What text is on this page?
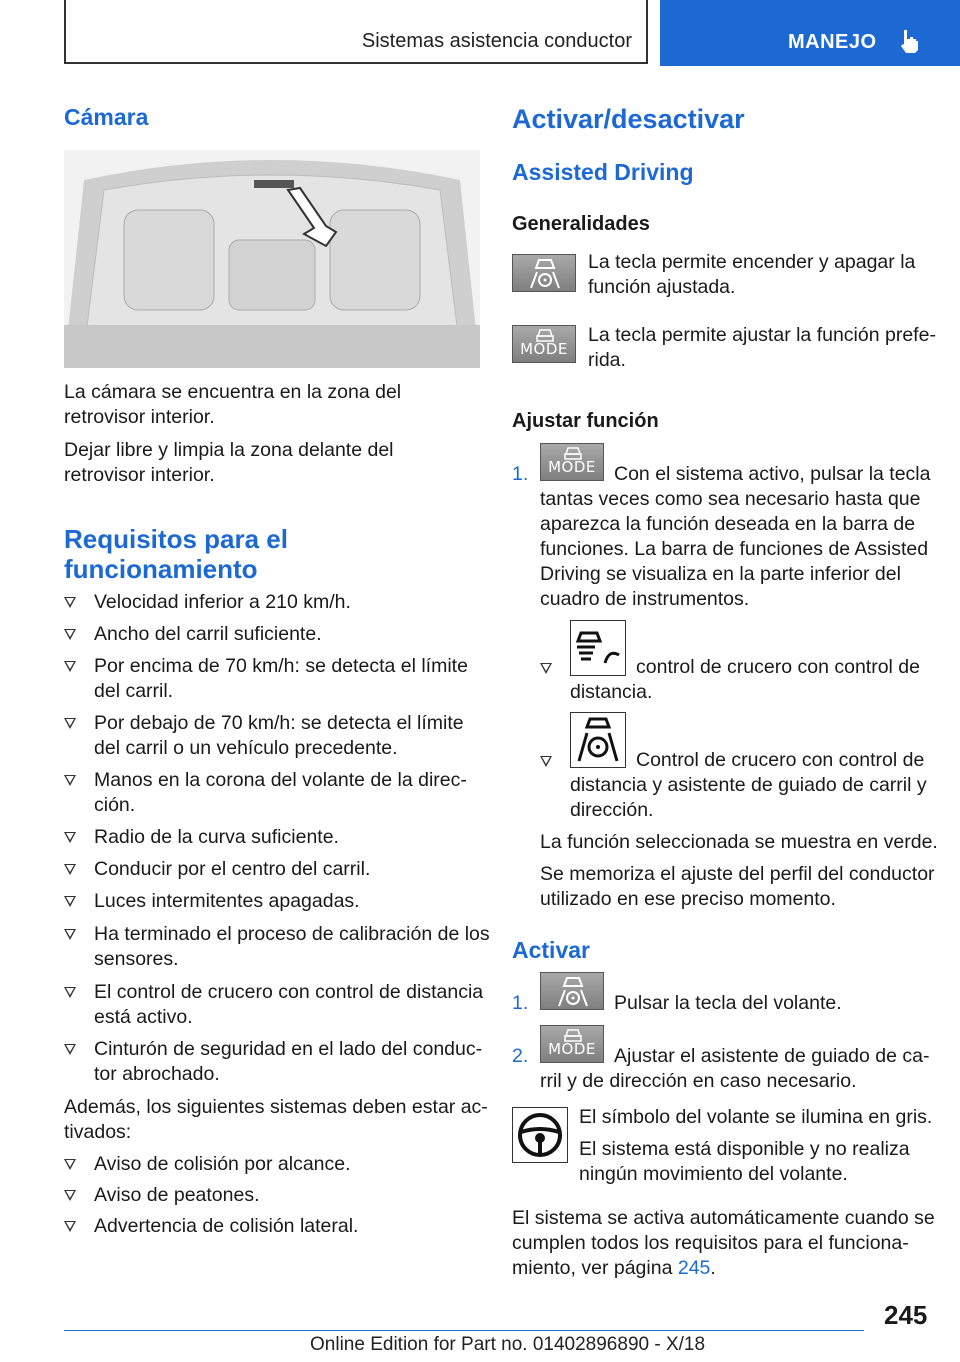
Sistemas asistencia conductor	MANEJO
Cámara
La cámara se encuentra en la zona del retrovisor interior.
Dejar libre y limpia la zona delante del retrovisor interior.
Requisitos para el
funcionamiento
Velocidad inferior a 210 km/h.
Ancho del carril suficiente.
Por encima de 70 km/h: se detecta el límite
del carril.
Por debajo de 70 km/h: se detecta el límite
del carril o un vehículo precedente.
Manos en la corona del volante de la direc‐
ción.
Radio de la curva suficiente.
Conducir por el centro del carril.
Luces intermitentes apagadas.
Ha terminado el proceso de calibración de los
sensores.
El control de crucero con control de distancia
está activo.
Cinturón de seguridad en el lado del conduc‐
tor abrochado.
Además, los siguientes sistemas deben estar ac‐
tivados:
Aviso de colisión por alcance.
Aviso de peatones.
Advertencia de colisión lateral.
Activar/desactivar
Assisted Driving
Generalidades
La tecla permite encender y apagar la
función ajustada.
MODE
La tecla permite ajustar la función prefe‐
rida.
Ajustar función
1.	MODE Con el sistema activo, pulsar la tecla
tantas veces como sea necesario hasta que
aparezca la función deseada en la barra de
funciones. La barra de funciones de Assisted
Driving se visualiza en la parte inferior del
cuadro de instrumentos.
control de crucero con control de
distancia.
Control de crucero con control de
distancia y asistente de guiado de carril y
dirección.
La función seleccionada se muestra en verde.
Se memoriza el ajuste del perfil del conductor
utilizado en ese preciso momento.
Activar
1.	Pulsar la tecla del volante.
2.	MODE Ajustar el asistente de guiado de ca‐
rril y de dirección en caso necesario.
El símbolo del volante se ilumina en gris.
El sistema está disponible y no realiza
ningún movimiento del volante.
El sistema se activa automáticamente cuando se
cumplen todos los requisitos para el funciona‐
miento, ver página 245.
245
Online Edition for Part no. 01402896890 - X/18
